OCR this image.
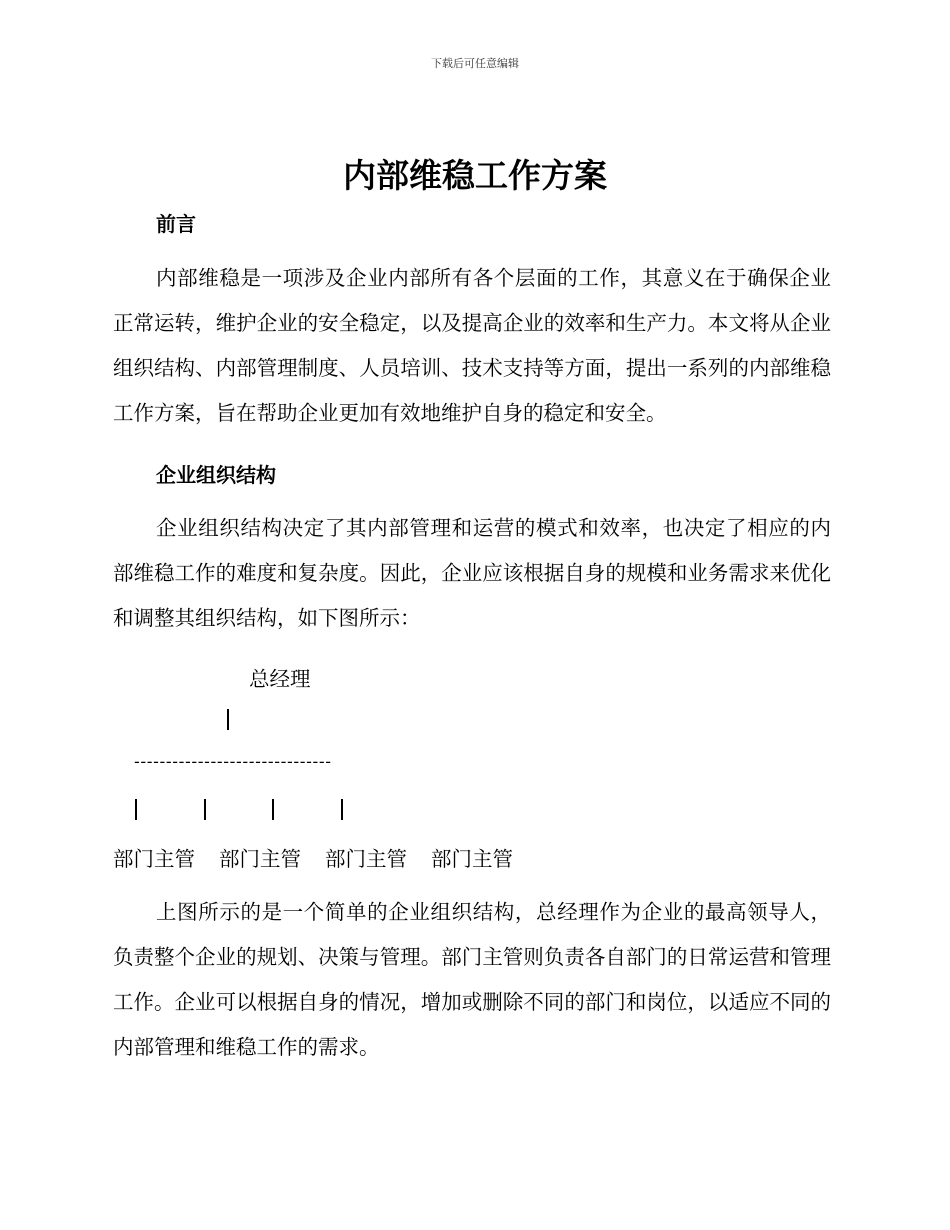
下载后可任意编辑
内部维稳工作方案
前言
内部维稳是一项涉及企业内部所有各个层面的工作，其意义在于确保企业正常运转，维护企业的安全稳定，以及提高企业的效率和生产力。本文将从企业组织结构、内部管理制度、人员培训、技术支持等方面，提出一系列的内部维稳工作方案，旨在帮助企业更加有效地维护自身的稳定和安全。
企业组织结构
企业组织结构决定了其内部管理和运营的模式和效率，也决定了相应的内部维稳工作的难度和复杂度。因此，企业应该根据自身的规模和业务需求来优化和调整其组织结构，如下图所示：
总经理
-------------------------------
部门主管 部门主管 部门主管 部门主管
上图所示的是一个简单的企业组织结构，总经理作为企业的最高领导人，负责整个企业的规划、决策与管理。部门主管则负责各自部门的日常运营和管理工作。企业可以根据自身的情况，增加或删除不同的部门和岗位，以适应不同的内部管理和维稳工作的需求。
